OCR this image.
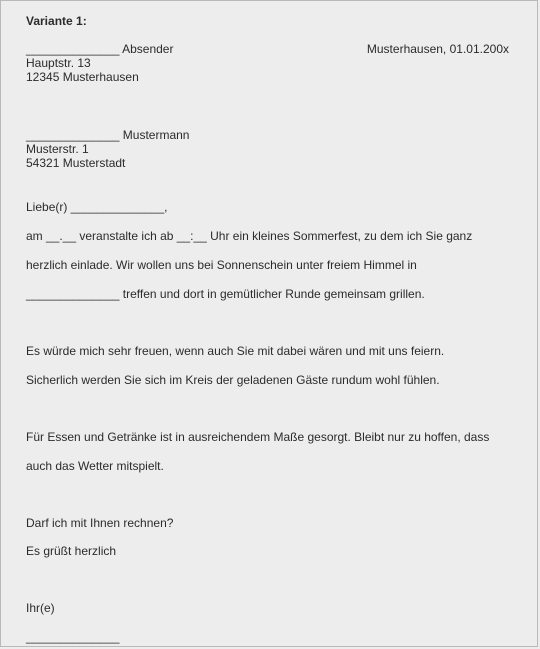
Variante 1:
______________ Absender	Musterhausen, 01.01.200x
Hauptstr. 13
12345 Musterhausen
______________ Mustermann
Musterstr. 1
54321 Musterstadt
Liebe(r) ______________,
am __.__ veranstalte ich ab __:__ Uhr ein kleines Sommerfest, zu dem ich Sie ganz
herzlich einlade. Wir wollen uns bei Sonnenschein unter freiem Himmel in
______________ treffen und dort in gemütlicher Runde gemeinsam grillen.
Es würde mich sehr freuen, wenn auch Sie mit dabei wären und mit uns feiern.
Sicherlich werden Sie sich im Kreis der geladenen Gäste rundum wohl fühlen.
Für Essen und Getränke ist in ausreichendem Maße gesorgt. Bleibt nur zu hoffen, dass
auch das Wetter mitspielt.
Darf ich mit Ihnen rechnen?
Es grüßt herzlich
Ihr(e)
______________
